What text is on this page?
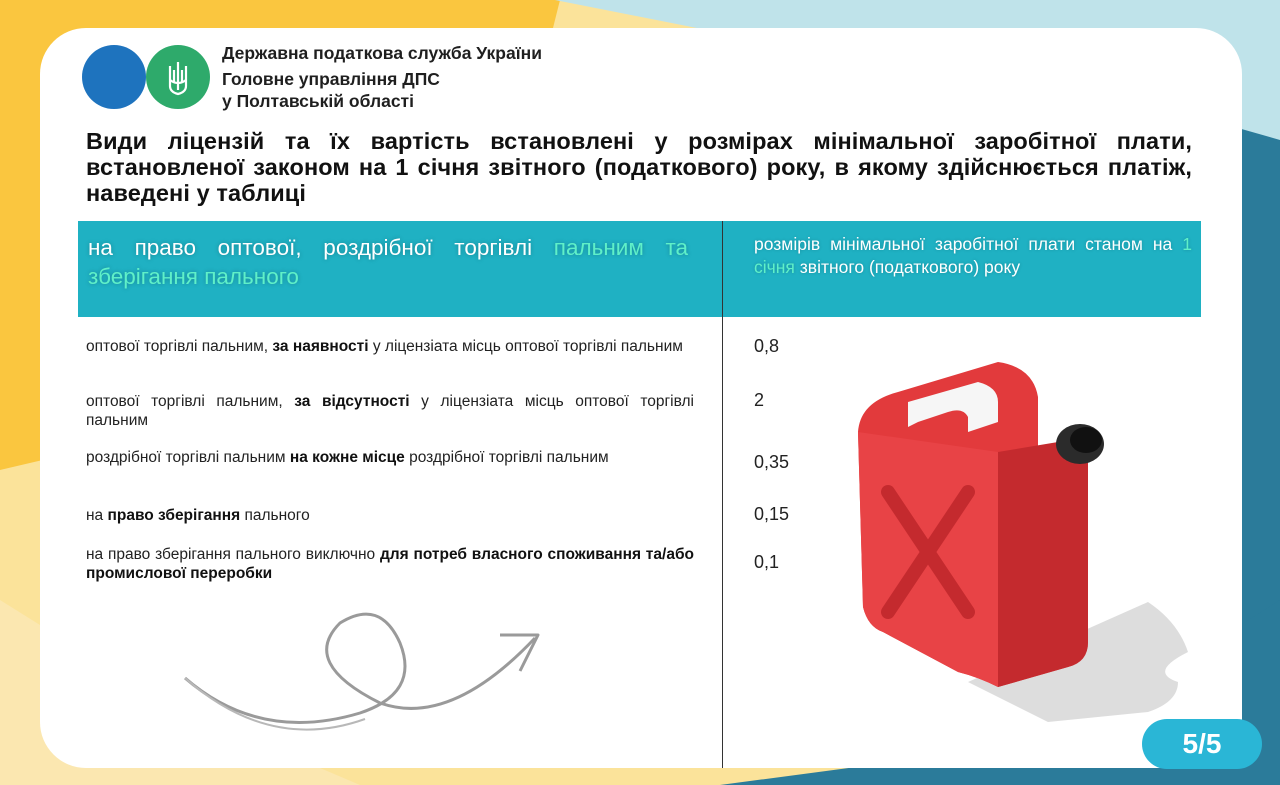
Державна податкова служба України
Головне управління ДПС
у Полтавській області
Види ліцензій та їх вартість встановлені у розмірах мінімальної заробітної плати, встановленої законом на 1 січня звітного (податкового) року, в якому здійснюється платіж, наведені у таблиці
на право оптової, роздрібної торгівлі пальним та зберігання пального
розмірів мінімальної заробітної плати станом на 1 січня звітного (податкового) року
оптової торгівлі пальним, за наявності у ліцензіата місць оптової торгівлі пальним
оптової торгівлі пальним, за відсутності у ліцензіата місць оптової торгівлі пальним
роздрібної торгівлі пальним на кожне місце роздрібної торгівлі пальним
на право зберігання пального
на право зберігання пального виключно для потреб власного споживання та/або промислової переробки
0,8
2
0,35
0,15
0,1
5/5
